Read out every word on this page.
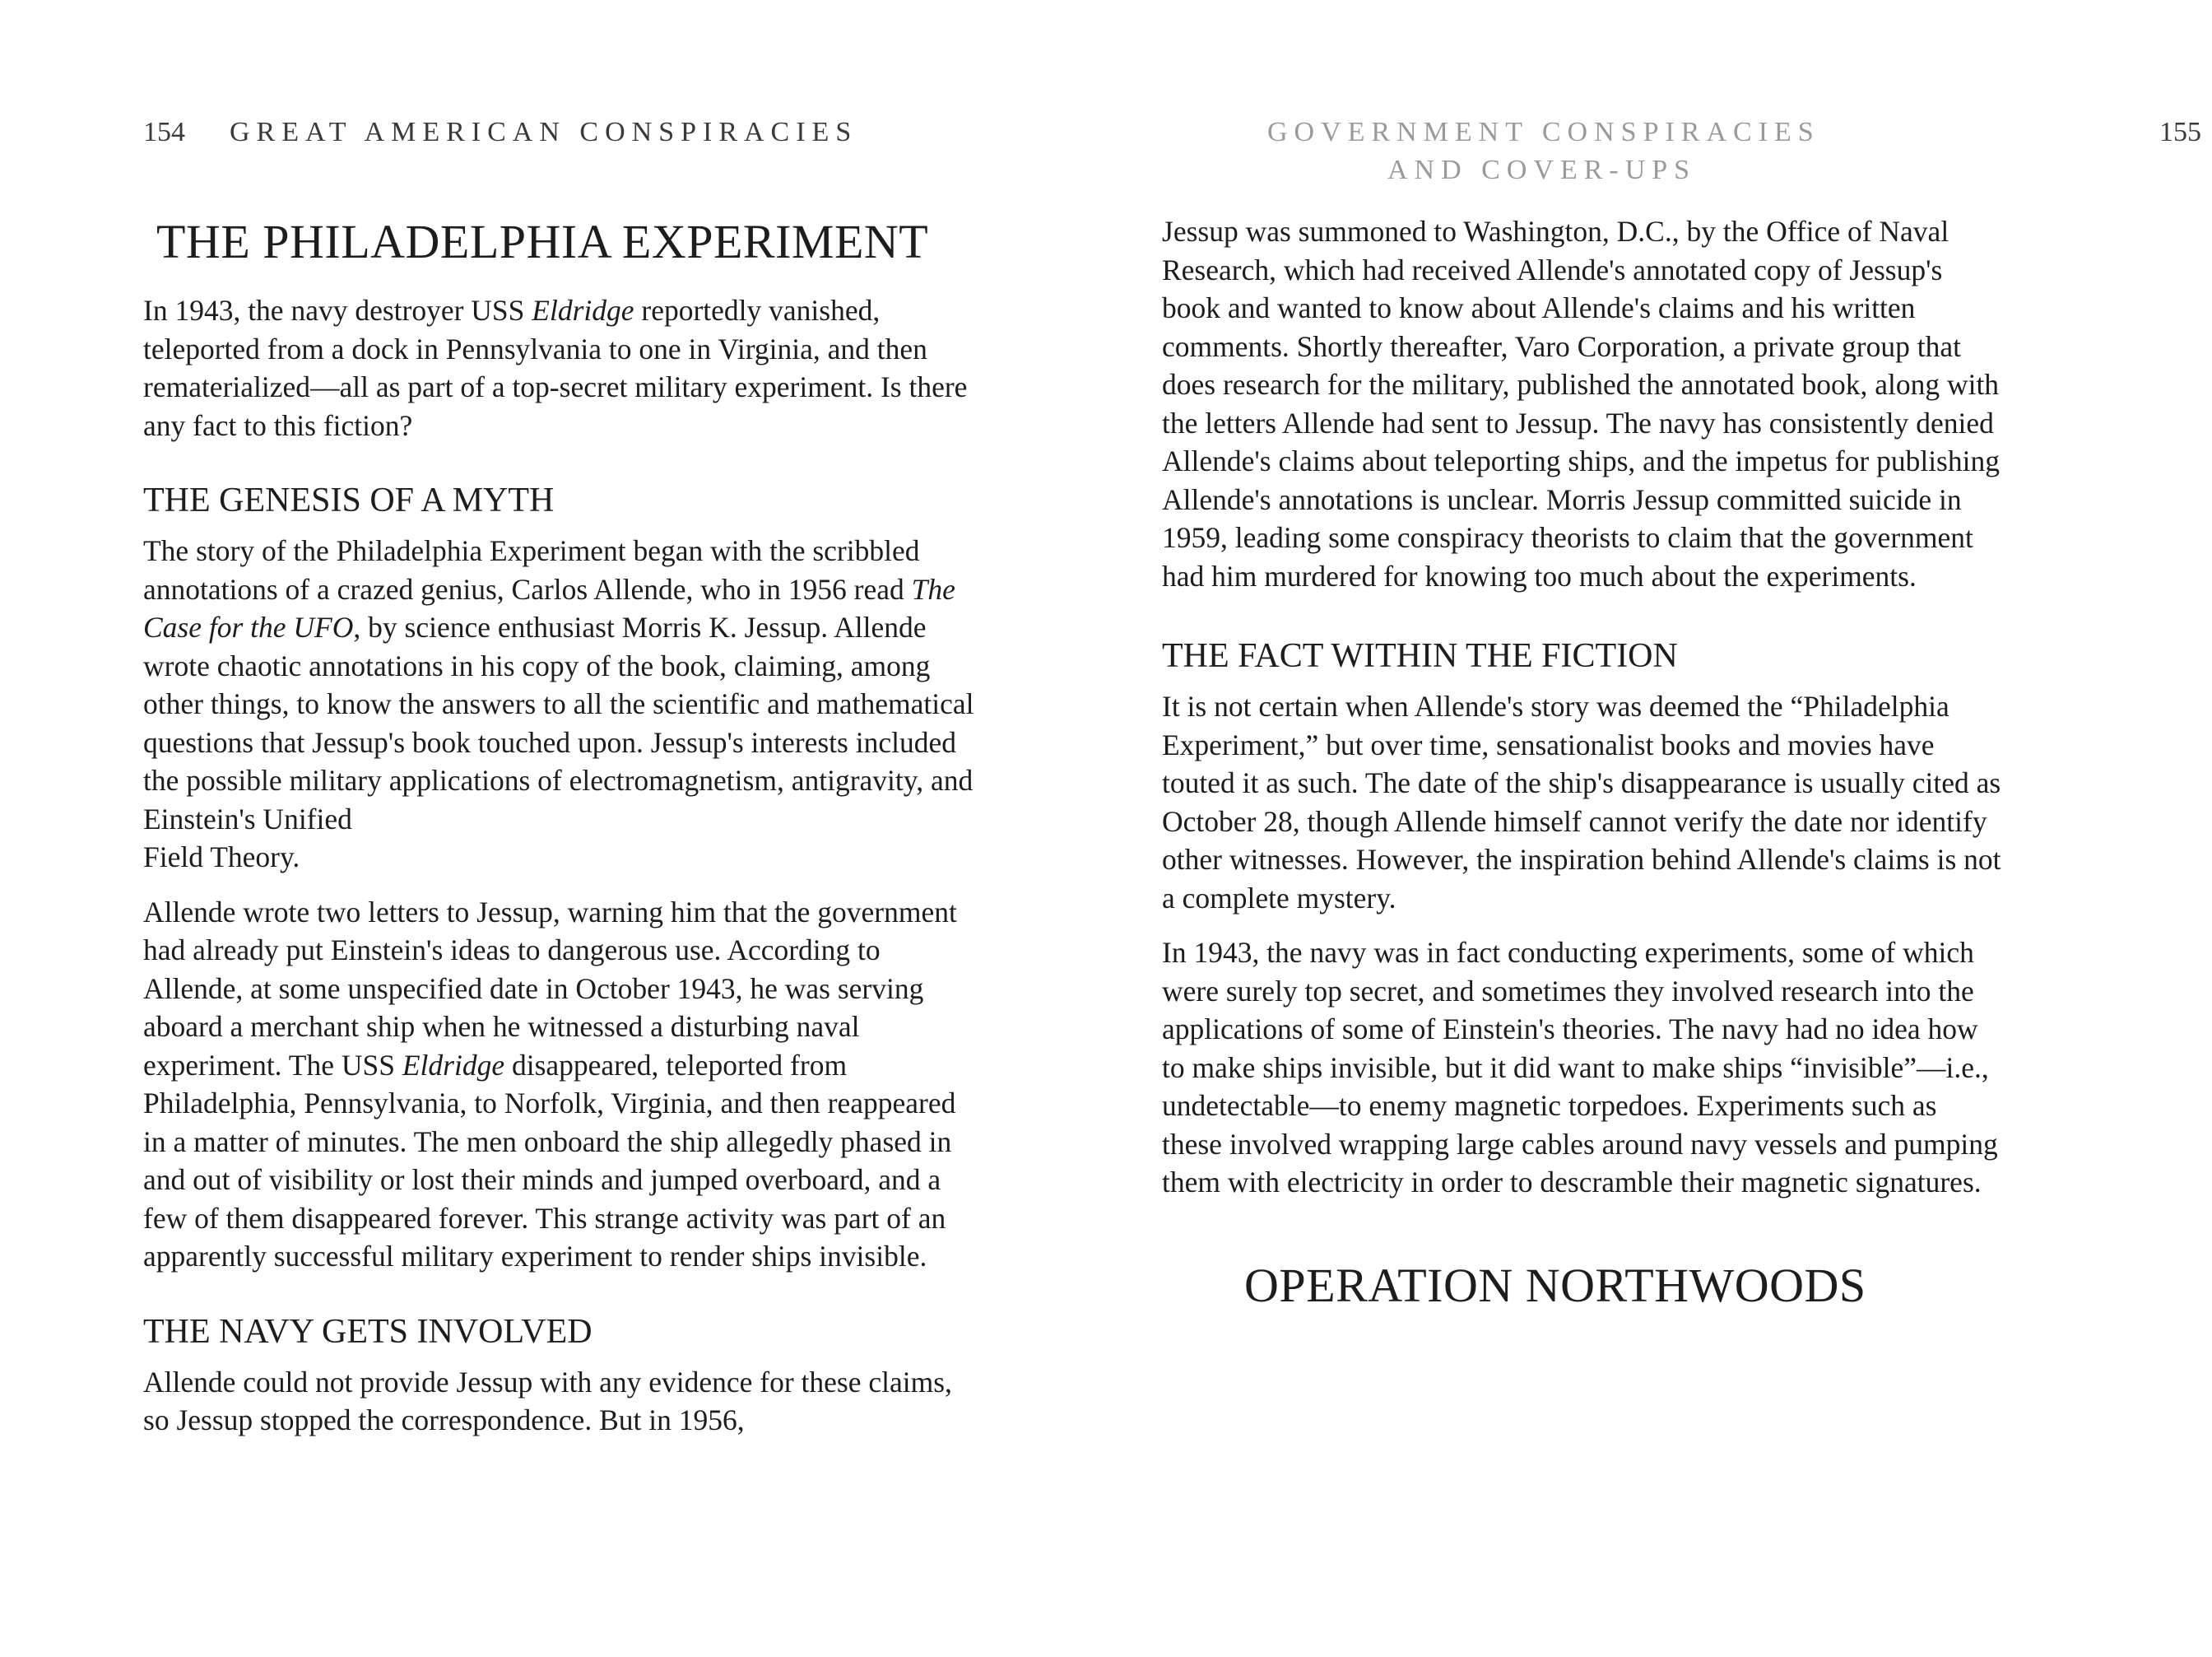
154 GREAT AMERICAN CONSPIRACIES
THE PHILADELPHIA EXPERIMENT

In 1943, the navy destroyer USS Eldridge reportedly vanished, teleported from a dock in Pennsylvania to one in Virginia, and then rematerialized—all as part of a top-secret military experiment. Is there any fact to this fiction?

THE GENESIS OF A MYTH

The story of the Philadelphia Experiment began with the scribbled annotations of a crazed genius, Carlos Allende, who in 1956 read The Case for the UFO, by science enthusiast Morris K. Jessup. Allende wrote chaotic annotations in his copy of the book, claiming, among other things, to know the answers to all the scientific and mathematical questions that Jessup's book touched upon. Jessup's interests included the possible military applications of electromagnetism, antigravity, and Einstein's Unified
Field Theory.

Allende wrote two letters to Jessup, warning him that the government had already put Einstein's ideas to dangerous use. According to Allende, at some unspecified date in October 1943, he was serving aboard a merchant ship when he witnessed a disturbing naval experiment. The USS Eldridge disappeared, teleported from Philadelphia, Pennsylvania, to Norfolk, Virginia, and then reappeared in a matter of minutes. The men onboard the ship allegedly phased in and out of visibility or lost their minds and jumped overboard, and a few of them disappeared forever. This strange activity was part of an apparently successful military experiment to render ships invisible.

THE NAVY GETS INVOLVED

Allende could not provide Jessup with any evidence for these claims, so Jessup stopped the correspondence. But in 1956,

GOVERNMENT CONSPIRACIES
AND COVER-UPS
155

Jessup was summoned to Washington, D.C., by the Office of Naval Research, which had received Allende's annotated copy of Jessup's book and wanted to know about Allende's claims and his written comments. Shortly thereafter, Varo Corporation, a private group that does research for the military, published the annotated book, along with the letters Allende had sent to Jessup. The navy has consistently denied Allende's claims about teleporting ships, and the impetus for publishing Allende's annotations is unclear. Morris Jessup committed suicide in 1959, leading some conspiracy theorists to claim that the government had him murdered for knowing too much about the experiments.

THE FACT WITHIN THE FICTION

It is not certain when Allende's story was deemed the “Philadelphia Experiment,” but over time, sensationalist books and movies have touted it as such. The date of the ship's disappearance is usually cited as October 28, though Allende himself cannot verify the date nor identify other witnesses. However, the inspiration behind Allende's claims is not a complete mystery.

In 1943, the navy was in fact conducting experiments, some of which were surely top secret, and sometimes they involved research into the applications of some of Einstein's theories. The navy had no idea how to make ships invisible, but it did want to make ships “invisible”—i.e., undetectable—to enemy magnetic torpedoes. Experiments such as these involved wrapping large cables around navy vessels and pumping them with electricity in order to descramble their magnetic signatures.

OPERATION NORTHWOODS
